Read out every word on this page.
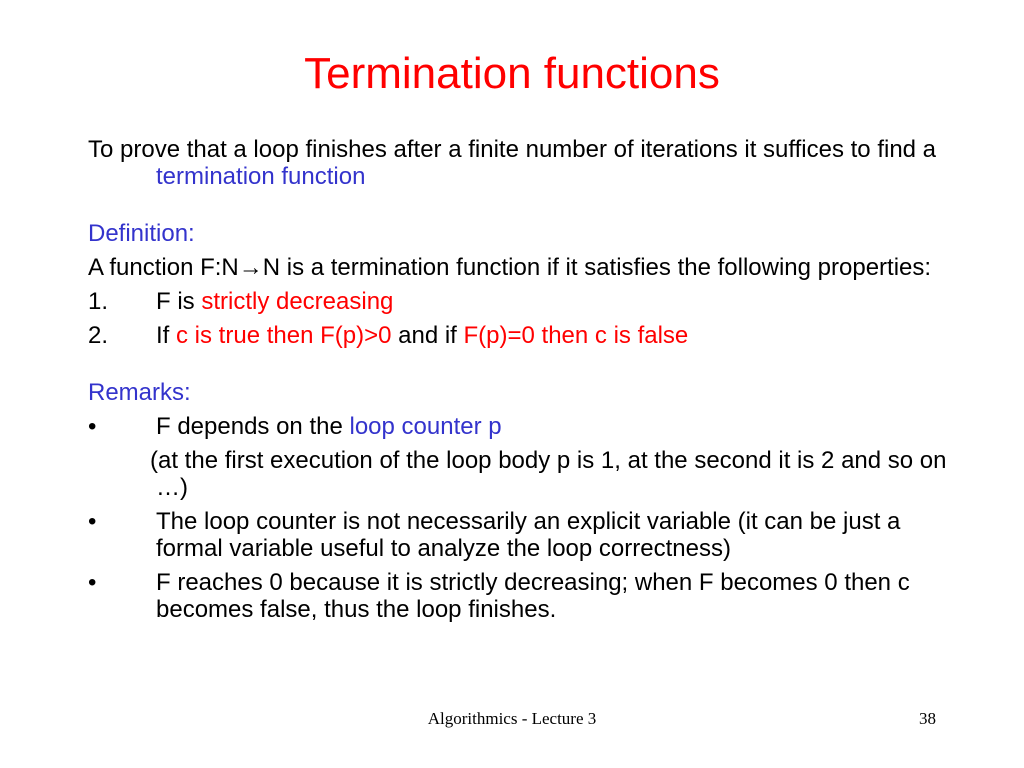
Termination functions
To prove that a loop finishes after a finite number of iterations it suffices to find a termination function
Definition:
A function F:N→N is a termination function if it satisfies the following properties:
1. F is strictly decreasing
2. If c is true then F(p)>0 and if F(p)=0 then c is false
Remarks:
• F depends on the loop counter p
(at the first execution of the loop body p is 1, at the second it is 2 and so on …)
• The loop counter is not necessarily an explicit variable (it can be just a formal variable useful to analyze the loop correctness)
• F reaches 0 because it is strictly decreasing; when F becomes 0 then c becomes false, thus the loop finishes.
Algorithmics - Lecture 3	38
